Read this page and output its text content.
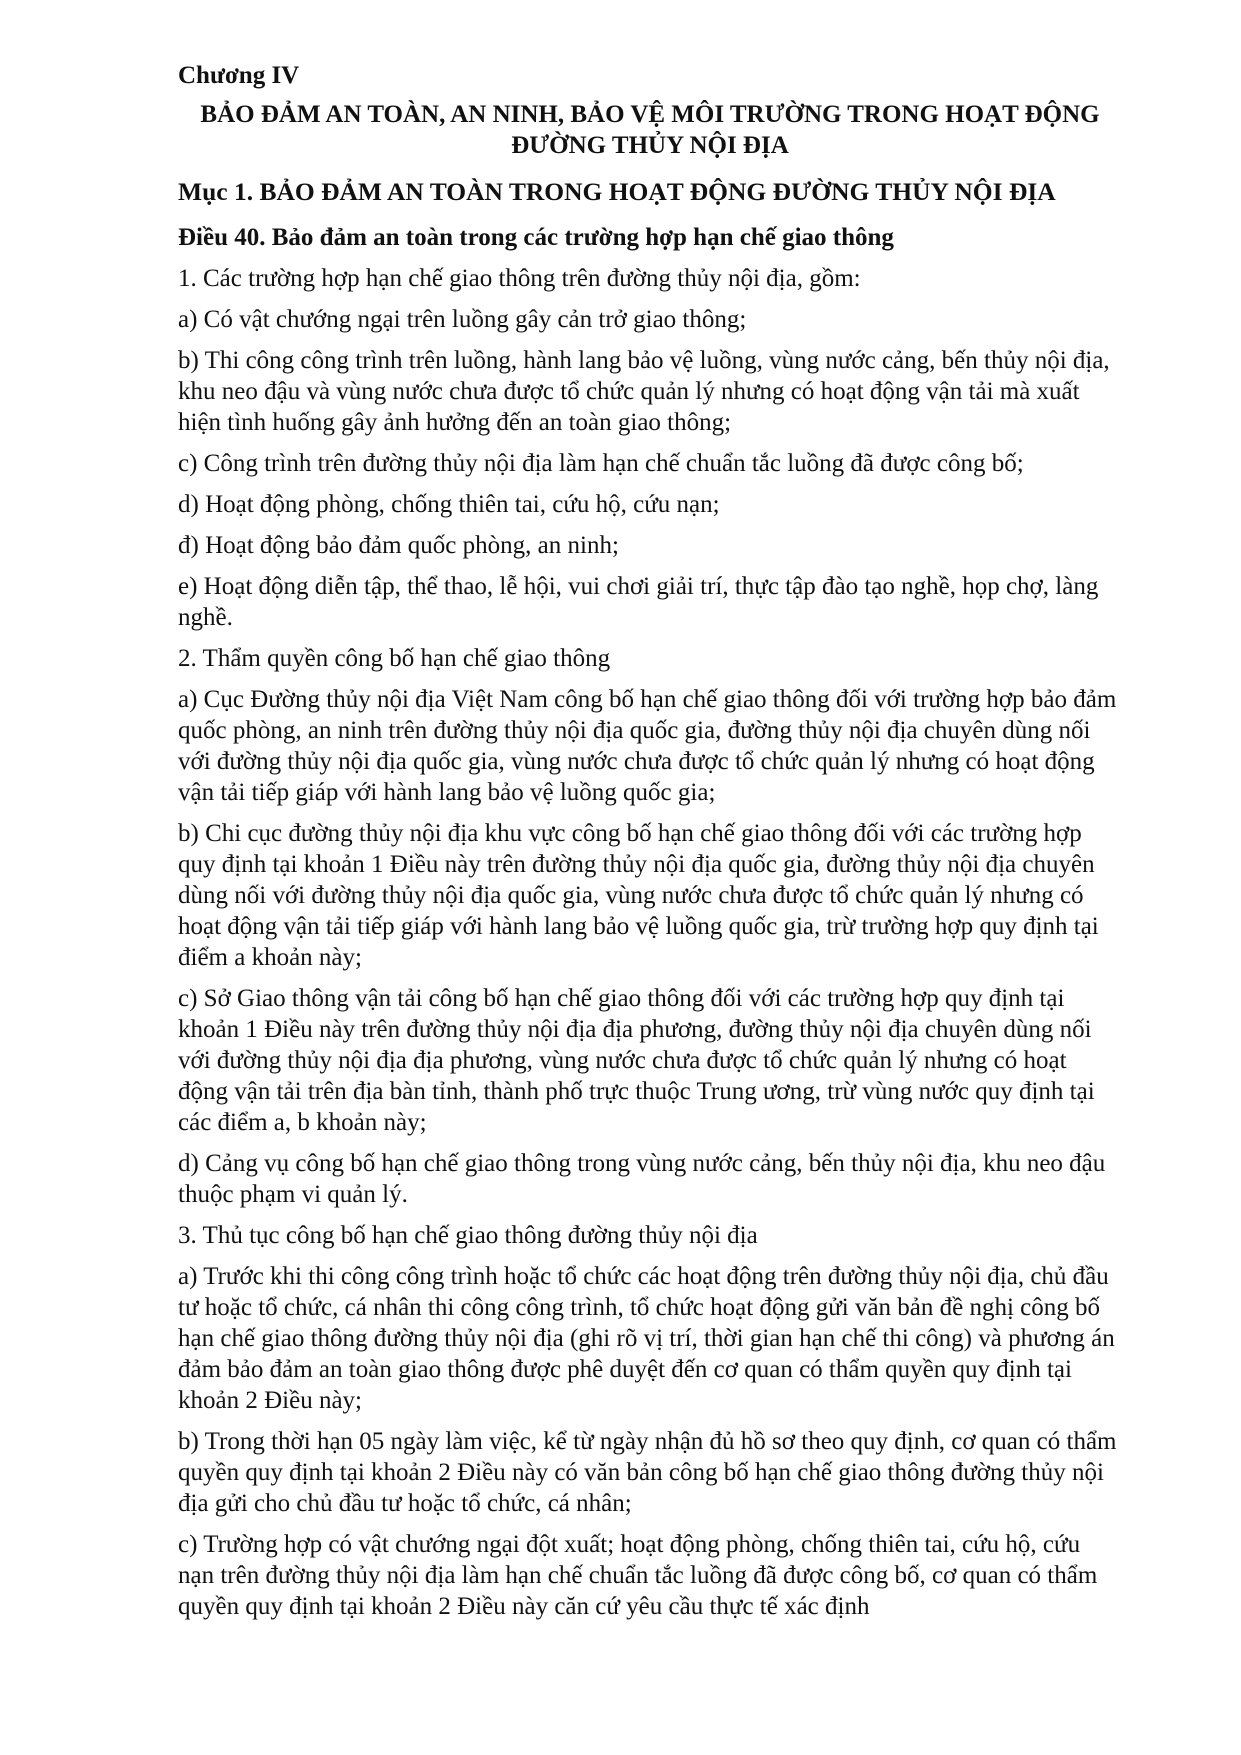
Chương IV

BẢO ĐẢM AN TOÀN, AN NINH, BẢO VỆ MÔI TRƯỜNG TRONG HOẠT ĐỘNG ĐƯỜNG THỦY NỘI ĐỊA

Mục 1. BẢO ĐẢM AN TOÀN TRONG HOẠT ĐỘNG ĐƯỜNG THỦY NỘI ĐỊA

Điều 40. Bảo đảm an toàn trong các trường hợp hạn chế giao thông

1. Các trường hợp hạn chế giao thông trên đường thủy nội địa, gồm:

a) Có vật chướng ngại trên luồng gây cản trở giao thông;

b) Thi công công trình trên luồng, hành lang bảo vệ luồng, vùng nước cảng, bến thủy nội địa, khu neo đậu và vùng nước chưa được tổ chức quản lý nhưng có hoạt động vận tải mà xuất hiện tình huống gây ảnh hưởng đến an toàn giao thông;

c) Công trình trên đường thủy nội địa làm hạn chế chuẩn tắc luồng đã được công bố;

d) Hoạt động phòng, chống thiên tai, cứu hộ, cứu nạn;

đ) Hoạt động bảo đảm quốc phòng, an ninh;

e) Hoạt động diễn tập, thể thao, lễ hội, vui chơi giải trí, thực tập đào tạo nghề, họp chợ, làng nghề.

2. Thẩm quyền công bố hạn chế giao thông

a) Cục Đường thủy nội địa Việt Nam công bố hạn chế giao thông đối với trường hợp bảo đảm quốc phòng, an ninh trên đường thủy nội địa quốc gia, đường thủy nội địa chuyên dùng nối với đường thủy nội địa quốc gia, vùng nước chưa được tổ chức quản lý nhưng có hoạt động vận tải tiếp giáp với hành lang bảo vệ luồng quốc gia;

b) Chi cục đường thủy nội địa khu vực công bố hạn chế giao thông đối với các trường hợp quy định tại khoản 1 Điều này trên đường thủy nội địa quốc gia, đường thủy nội địa chuyên dùng nối với đường thủy nội địa quốc gia, vùng nước chưa được tổ chức quản lý nhưng có hoạt động vận tải tiếp giáp với hành lang bảo vệ luồng quốc gia, trừ trường hợp quy định tại điểm a khoản này;

c) Sở Giao thông vận tải công bố hạn chế giao thông đối với các trường hợp quy định tại khoản 1 Điều này trên đường thủy nội địa địa phương, đường thủy nội địa chuyên dùng nối với đường thủy nội địa địa phương, vùng nước chưa được tổ chức quản lý nhưng có hoạt động vận tải trên địa bàn tỉnh, thành phố trực thuộc Trung ương, trừ vùng nước quy định tại các điểm a, b khoản này;

d) Cảng vụ công bố hạn chế giao thông trong vùng nước cảng, bến thủy nội địa, khu neo đậu thuộc phạm vi quản lý.

3. Thủ tục công bố hạn chế giao thông đường thủy nội địa

a) Trước khi thi công công trình hoặc tổ chức các hoạt động trên đường thủy nội địa, chủ đầu tư hoặc tổ chức, cá nhân thi công công trình, tổ chức hoạt động gửi văn bản đề nghị công bố hạn chế giao thông đường thủy nội địa (ghi rõ vị trí, thời gian hạn chế thi công) và phương án đảm bảo đảm an toàn giao thông được phê duyệt đến cơ quan có thẩm quyền quy định tại khoản 2 Điều này;

b) Trong thời hạn 05 ngày làm việc, kể từ ngày nhận đủ hồ sơ theo quy định, cơ quan có thẩm quyền quy định tại khoản 2 Điều này có văn bản công bố hạn chế giao thông đường thủy nội địa gửi cho chủ đầu tư hoặc tổ chức, cá nhân;

c) Trường hợp có vật chướng ngại đột xuất; hoạt động phòng, chống thiên tai, cứu hộ, cứu nạn trên đường thủy nội địa làm hạn chế chuẩn tắc luồng đã được công bố, cơ quan có thẩm quyền quy định tại khoản 2 Điều này căn cứ yêu cầu thực tế xác định
